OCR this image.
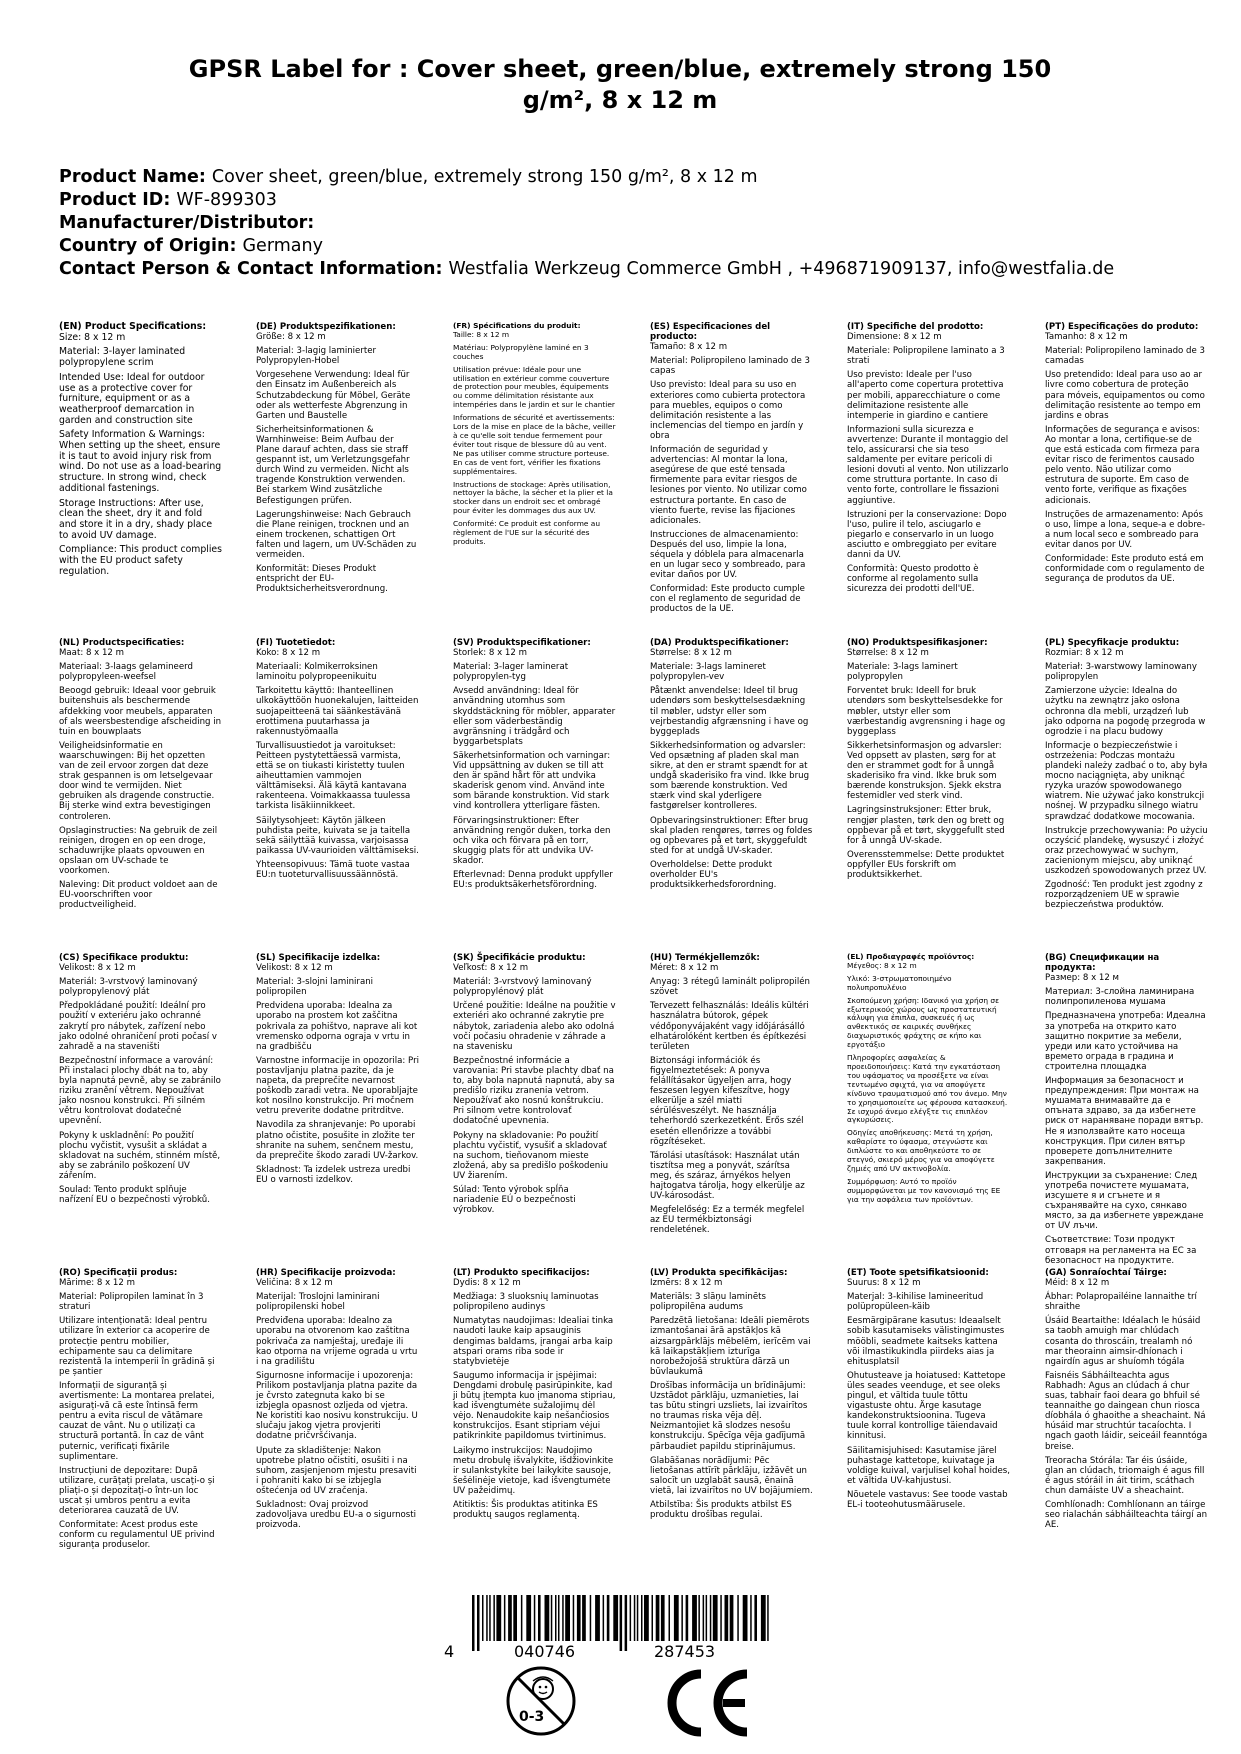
GPSR Label for : Cover sheet, green/blue, extremely strong 150 g/m², 8 x 12 m
Product Name: Cover sheet, green/blue, extremely strong 150 g/m², 8 x 12 m
Product ID: WF-899303
Manufacturer/Distributor:
Country of Origin: Germany
Contact Person & Contact Information: Westfalia Werkzeug Commerce GmbH , +496871909137, info@westfalia.de
(EN) Product Specifications:

Size: 8 x 12 m

Material: 3-layer laminated polypropylene scrim

Intended Use: Ideal for outdoor use as a protective cover for furniture, equipment or as a weatherproof demarcation in garden and construction site

Safety Information & Warnings: When setting up the sheet, ensure it is taut to avoid injury risk from wind. Do not use as a load-bearing structure. In strong wind, check additional fastenings.

Storage Instructions: After use, clean the sheet, dry it and fold and store it in a dry, shady place to avoid UV damage.

Compliance: This product complies with the EU product safety regulation.

(DE) Produktspezifikationen:

Größe: 8 x 12 m

Material: 3-lagig laminierter Polypropylen-Hobel

Vorgesehene Verwendung: Ideal für den Einsatz im Außenbereich als Schutzabdeckung für Möbel, Geräte oder als wetterfeste Abgrenzung in Garten und Baustelle

Sicherheitsinformationen & Warnhinweise: Beim Aufbau der Plane darauf achten, dass sie straff gespannt ist, um Verletzungsgefahr durch Wind zu vermeiden. Nicht als tragende Konstruktion verwenden. Bei starkem Wind zusätzliche Befestigungen prüfen.

Lagerungshinweise: Nach Gebrauch die Plane reinigen, trocknen und an einem trockenen, schattigen Ort falten und lagern, um UV-Schäden zu vermeiden.

Konformität: Dieses Produkt entspricht der EU-Produktsicherheitsverordnung.

(FR) Spécifications du produit:

Taille: 8 x 12 m

Matériau: Polypropylène laminé en 3 couches

Utilisation prévue: Idéale pour une utilisation en extérieur comme couverture de protection pour meubles, équipements ou comme délimitation résistante aux intempéries dans le jardin et sur le chantier

Informations de sécurité et avertissements: Lors de la mise en place de la bâche, veiller à ce qu'elle soit tendue fermement pour éviter tout risque de blessure dû au vent. Ne pas utiliser comme structure porteuse. En cas de vent fort, vérifier les fixations supplémentaires.

Instructions de stockage: Après utilisation, nettoyer la bâche, la sécher et la plier et la stocker dans un endroit sec et ombragé pour éviter les dommages dus aux UV.

Conformité: Ce produit est conforme au règlement de l'UE sur la sécurité des produits.

(ES) Especificaciones del producto:

Tamaño: 8 x 12 m

Material: Polipropileno laminado de 3 capas

Uso previsto: Ideal para su uso en exteriores como cubierta protectora para muebles, equipos o como delimitación resistente a las inclemencias del tiempo en jardín y obra

Información de seguridad y advertencias: Al montar la lona, asegúrese de que esté tensada firmemente para evitar riesgos de lesiones por viento. No utilizar como estructura portante. En caso de viento fuerte, revise las fijaciones adicionales.

Instrucciones de almacenamiento: Después del uso, limpie la lona, séquela y dóblela para almacenarla en un lugar seco y sombreado, para evitar daños por UV.

Conformidad: Este producto cumple con el reglamento de seguridad de productos de la UE.

(IT) Specifiche del prodotto:

Dimensione: 8 x 12 m

Materiale: Polipropilene laminato a 3 strati

Uso previsto: Ideale per l'uso all'aperto come copertura protettiva per mobili, apparecchiature o come delimitazione resistente alle intemperie in giardino e cantiere

Informazioni sulla sicurezza e avvertenze: Durante il montaggio del telo, assicurarsi che sia teso saldamente per evitare pericoli di lesioni dovuti al vento. Non utilizzarlo come struttura portante. In caso di vento forte, controllare le fissazioni aggiuntive.

Istruzioni per la conservazione: Dopo l'uso, pulire il telo, asciugarlo e piegarlo e conservarlo in un luogo asciutto e ombreggiato per evitare danni da UV.

Conformità: Questo prodotto è conforme al regolamento sulla sicurezza dei prodotti dell'UE.

(PT) Especificações do produto:

Tamanho: 8 x 12 m

Material: Polipropileno laminado de 3 camadas

Uso pretendido: Ideal para uso ao ar livre como cobertura de proteção para móveis, equipamentos ou como delimitação resistente ao tempo em jardins e obras

Informações de segurança e avisos: Ao montar a lona, certifique-se de que está esticada com firmeza para evitar risco de ferimentos causado pelo vento. Não utilizar como estrutura de suporte. Em caso de vento forte, verifique as fixações adicionais.

Instruções de armazenamento: Após o uso, limpe a lona, seque-a e dobre-a num local seco e sombreado para evitar danos por UV.

Conformidade: Este produto está em conformidade com o regulamento de segurança de produtos da UE.

(NL) Productspecificaties:

Maat: 8 x 12 m

Materiaal: 3-laags gelamineerd polypropyleen-weefsel

Beoogd gebruik: Ideaal voor gebruik buitenshuis als beschermende afdekking voor meubels, apparaten of als weersbestendige afscheiding in tuin en bouwplaats

Veiligheidsinformatie en waarschuwingen: Bij het opzetten van de zeil ervoor zorgen dat deze strak gespannen is om letselgevaar door wind te vermijden. Niet gebruiken als dragende constructie. Bij sterke wind extra bevestigingen controleren.

Opslaginstructies: Na gebruik de zeil reinigen, drogen en op een droge, schaduwrijke plaats opvouwen en opslaan om UV-schade te voorkomen.

Naleving: Dit product voldoet aan de EU-voorschriften voor productveiligheid.

(FI) Tuotetiedot:

Koko: 8 x 12 m

Materiaali: Kolmikerroksinen laminoitu polypropeenikuitu

Tarkoitettu käyttö: Ihanteellinen ulkokäyttöön huonekalujen, laitteiden suojapeitteenä tai säänkestävänä erottimena puutarhassa ja rakennustyömaalla

Turvallisuustiedot ja varoitukset: Peitteen pystytettäessä varmista, että se on tiukasti kiristetty tuulen aiheuttamien vammojen välttämiseksi. Älä käytä kantavana rakenteena. Voimakkaassa tuulessa tarkista lisäkiinnikkeet.

Säilytysohjeet: Käytön jälkeen puhdista peite, kuivata se ja taitella sekä säilyttää kuivassa, varjoisassa paikassa UV-vaurioiden välttämiseksi.

Yhteensopivuus: Tämä tuote vastaa EU:n tuoteturvallisuussäännöstä.

(SV) Produktspecifikationer:

Storlek: 8 x 12 m

Material: 3-lager laminerat polypropylen-tyg

Avsedd användning: Ideal för användning utomhus som skyddstäckning för möbler, apparater eller som väderbeständig avgränsning i trädgård och byggarbetsplats

Säkerhetsinformation och varningar: Vid uppsättning av duken se till att den är spänd hårt för att undvika skaderisk genom vind. Använd inte som bärande konstruktion. Vid stark vind kontrollera ytterligare fästen.

Förvaringsinstruktioner: Efter användning rengör duken, torka den och vika och förvara på en torr, skuggig plats för att undvika UV-skador.

Efterlevnad: Denna produkt uppfyller EU:s produktsäkerhetsförordning.

(DA) Produktspecifikationer:

Størrelse: 8 x 12 m

Materiale: 3-lags lamineret polypropylen-vev

Påtænkt anvendelse: Ideel til brug udendørs som beskyttelsesdækning til møbler, udstyr eller som vejrbestandig afgrænsning i have og byggeplads

Sikkerhedsinformation og advarsler: Ved opsætning af pladen skal man sikre, at den er stramt spændt for at undgå skaderisiko fra vind. Ikke brug som bærende konstruktion. Ved stærk vind skal yderligere fastgørelser kontrolleres.

Opbevaringsinstruktioner: Efter brug skal pladen rengøres, tørres og foldes og opbevares på et tørt, skyggefuldt sted for at undgå UV-skader.

Overholdelse: Dette produkt overholder EU's produktsikkerhedsforordning.

(NO) Produktspesifikasjoner:

Størrelse: 8 x 12 m

Materiale: 3-lags laminert polypropylen

Forventet bruk: Ideell for bruk utendørs som beskyttelsesdekke for møbler, utstyr eller som værbestandig avgrensning i hage og byggeplass

Sikkerhetsinformasjon og advarsler: Ved oppsett av plasten, sørg for at den er strammet godt for å unngå skaderisiko fra vind. Ikke bruk som bærende konstruksjon. Sjekk ekstra festemidler ved sterk vind.

Lagringsinstruksjoner: Etter bruk, rengjør plasten, tørk den og brett og oppbevar på et tørt, skyggefullt sted for å unngå UV-skade.

Overensstemmelse: Dette produktet oppfyller EUs forskrift om produktsikkerhet.

(PL) Specyfikacje produktu:

Rozmiar: 8 x 12 m

Materiał: 3-warstwowy laminowany polipropylen

Zamierzone użycie: Idealna do użytku na zewnątrz jako osłona ochronna dla mebli, urządzeń lub jako odporna na pogodę przegroda w ogrodzie i na placu budowy

Informacje o bezpieczeństwie i ostrzeżenia: Podczas montażu plandeki należy zadbać o to, aby była mocno naciągnięta, aby uniknąć ryzyka urazów spowodowanego wiatrem. Nie używać jako konstrukcji nośnej. W przypadku silnego wiatru sprawdzać dodatkowe mocowania.

Instrukcje przechowywania: Po użyciu oczyścić plandekę, wysuszyć i złożyć oraz przechowywać w suchym, zacienionym miejscu, aby uniknąć uszkodzeń spowodowanych przez UV.

Zgodność: Ten produkt jest zgodny z rozporządzeniem UE w sprawie bezpieczeństwa produktów.

(CS) Specifikace produktu:

Velikost: 8 x 12 m

Materiál: 3-vrstvový laminovaný polypropylenový plát

Předpokládané použití: Ideální pro použití v exteriéru jako ochranné zakrytí pro nábytek, zařízení nebo jako odolné ohraničení proti počasí v zahradě a na staveništi

Bezpečnostní informace a varování: Při instalaci plochy dbát na to, aby byla napnutá pevně, aby se zabránilo riziku zranění větrem. Nepoužívat jako nosnou konstrukci. Při silném větru kontrolovat dodatečné upevnění.

Pokyny k uskladnění: Po použití plochu vyčistit, vysušit a skládat a skladovat na suchém, stinném místě, aby se zabránilo poškození UV zářením.

Soulad: Tento produkt splňuje nařízení EU o bezpečnosti výrobků.

(SL) Specifikacije izdelka:

Velikost: 8 x 12 m

Material: 3-slojni laminirani polipropilen

Predvidena uporaba: Idealna za uporabo na prostem kot zaščitna pokrivala za pohištvo, naprave ali kot vremensko odporna ograja v vrtu in na gradbišču

Varnostne informacije in opozorila: Pri postavljanju platna pazite, da je napeta, da preprečite nevarnost poškodb zaradi vetra. Ne uporabljajte kot nosilno konstrukcijo. Pri močnem vetru preverite dodatne pritrditve.

Navodila za shranjevanje: Po uporabi platno očistite, posušite in zložite ter shranite na suhem, senčnem mestu, da preprečite škodo zaradi UV-žarkov.

Skladnost: Ta izdelek ustreza uredbi EU o varnosti izdelkov.

(SK) Špecifikácie produktu:

Veľkosť: 8 x 12 m

Materiál: 3-vrstvový laminovaný polypropylénový plát

Určené použitie: Ideálne na použitie v exteriéri ako ochranné zakrytie pre nábytok, zariadenia alebo ako odolná voči počasiu ohradenie v záhrade a na stavenisku

Bezpečnostné informácie a varovania: Pri stavbe plachty dbať na to, aby bola napnutá napnutá, aby sa predišlo riziku zranenia vetrom. Nepoužívať ako nosnú konštrukciu. Pri silnom vetre kontrolovať dodatočné upevnenia.

Pokyny na skladovanie: Po použití plachtu vyčistiť, vysušiť a skladovať na suchom, tieňovanom mieste zložená, aby sa predišlo poškodeniu UV žiarením.

Súlad: Tento výrobok spĺňa nariadenie EÚ o bezpečnosti výrobkov.

(HU) Termékjellemzők:

Méret: 8 x 12 m

Anyag: 3 rétegű laminált polipropilén szövet

Tervezett felhasználás: Ideális kültéri használatra bútorok, gépek védőponyvájaként vagy időjárásálló elhatárolóként kertben és építkezési területen

Biztonsági információk és figyelmeztetések: A ponyva felállításakor ügyeljen arra, hogy feszesen legyen kifeszítve, hogy elkerülje a szél miatti sérülésveszélyt. Ne használja teherhordó szerkezetként. Erős szél esetén ellenőrizze a további rögzítéseket.

Tárolási utasítások: Használat után tisztítsa meg a ponyvát, szárítsa meg, és száraz, árnyékos helyen hajtogatva tárolja, hogy elkerülje az UV-károsodást.

Megfelelőség: Ez a termék megfelel az EU termékbiztonsági rendeletének.

(EL) Προδιαγραφές προϊόντος:

Μέγεθος: 8 x 12 m

Υλικό: 3-στρωματοποιημένο πολυπροπυλένιο

Σκοπούμενη χρήση: Ιδανικό για χρήση σε εξωτερικούς χώρους ως προστατευτική κάλυψη για έπιπλα, συσκευές ή ως ανθεκτικός σε καιρικές συνθήκες διαχωριστικός φράχτης σε κήπο και εργοτάξιο

Πληροφορίες ασφαλείας & προειδοποιήσεις: Κατά την εγκατάσταση του υφάσματος να προσέξετε να είναι τεντωμένο σφιχτά, για να αποφύγετε κίνδυνο τραυματισμού από τον άνεμο. Μην το χρησιμοποιείτε ως φέρουσα κατασκευή. Σε ισχυρό άνεμο ελέγξτε τις επιπλέον αγκυρώσεις.

Οδηγίες αποθήκευσης: Μετά τη χρήση, καθαρίστε το ύφασμα, στεγνώστε και διπλώστε το και αποθηκεύστε το σε στεγνό, σκιερό μέρος για να αποφύγετε ζημιές από UV ακτινοβολία.

Συμμόρφωση: Αυτό το προϊόν συμμορφώνεται με τον κανονισμό της ΕΕ για την ασφάλεια των προϊόντων.

(BG) Спецификации на продукта:

Размер: 8 x 12 м

Материал: 3-слойна ламинирана полипропиленова мушама

Предназначена употреба: Идеална за употреба на открито като защитно покритие за мебели, уреди или като устойчива на времето ограда в градина и строителна площадка

Информация за безопасност и предупреждения: При монтаж на мушамата внимавайте да е опъната здраво, за да избегнете риск от нараняване поради вятър. Не я използвайте като носеща конструкция. При силен вятър проверете допълнителните закрепвания.

Инструкции за съхранение: След употреба почистете мушамата, изсушете я и сгънете и я съхранявайте на сухо, сянкаво място, за да избегнете увреждане от UV лъчи.

Съответствие: Този продукт отговаря на регламента на ЕС за безопасност на продуктите.

(RO) Specificații produs:

Mărime: 8 x 12 m

Material: Polipropilen laminat în 3 straturi

Utilizare intenționată: Ideal pentru utilizare în exterior ca acoperire de protecție pentru mobilier, echipamente sau ca delimitare rezistentă la intemperii în grădină și pe șantier

Informații de siguranță și avertismente: La montarea prelatei, asigurați-vă că este întinsă ferm pentru a evita riscul de vătămare cauzat de vânt. Nu o utilizați ca structură portantă. În caz de vânt puternic, verificați fixările suplimentare.

Instrucțiuni de depozitare: După utilizare, curățați prelata, uscați-o și pliați-o și depozitați-o într-un loc uscat și umbros pentru a evita deteriorarea cauzată de UV.

Conformitate: Acest produs este conform cu regulamentul UE privind siguranța produselor.

(HR) Specifikacije proizvoda:

Veličina: 8 x 12 m

Materijal: Troslojni laminirani polipropilenski hobel

Predviđena uporaba: Idealno za uporabu na otvorenom kao zaštitna pokrivača za namještaj, uređaje ili kao otporna na vrijeme ograda u vrtu i na gradilištu

Sigurnosne informacije i upozorenja: Prilikom postavljanja platna pazite da je čvrsto zategnuta kako bi se izbjegla opasnost ozljeda od vjetra. Ne koristiti kao nosivu konstrukciju. U slučaju jakog vjetra provjeriti dodatne pričvršćivanja.

Upute za skladištenje: Nakon upotrebe platno očistiti, osušiti i na suhom, zasjenjenom mjestu presaviti i pohraniti kako bi se izbjegla oštećenja od UV zračenja.

Sukladnost: Ovaj proizvod zadovoljava uredbu EU-a o sigurnosti proizvoda.

(LT) Produkto specifikacijos:

Dydis: 8 x 12 m

Medžiaga: 3 sluoksnių laminuotas polipropileno audinys

Numatytas naudojimas: Idealiai tinka naudoti lauke kaip apsauginis dengimas baldams, įrangai arba kaip atspari orams riba sode ir statybvietėje

Saugumo informacija ir įspėjimai: Dengdami drobulę pasirūpinkite, kad ji būtų įtempta kuo įmanoma stipriau, kad išvengtumėte sužalojimų dėl vėjo. Nenaudokite kaip nešančiosios konstrukcijos. Esant stipriam vėjui patikrinkite papildomus tvirtinimus.

Laikymo instrukcijos: Naudojimo metu drobulę išvalykite, išdžiovinkite ir sulankstykite bei laikykite sausoje, šešėlinėje vietoje, kad išvengtumėte UV pažeidimų.

Atitiktis: Šis produktas atitinka ES produktų saugos reglamentą.

(LV) Produkta specifikācijas:

Izmērs: 8 x 12 m

Materiāls: 3 slāņu laminēts polipropilēna audums

Paredzētā lietošana: Ideāli piemērots izmantošanai ārā apstākļos kā aizsargpārklājs mēbelēm, ierīcēm vai kā laikapstākļiem izturīga norobežojošā struktūra dārzā un būvlaukumā

Drošības informācija un brīdinājumi: Uzstādot pārklāju, uzmanieties, lai tas būtu stingri uzsliets, lai izvairītos no traumas riska vēja dēļ. Neizmantojiet kā slodzes nesošu konstrukciju. Spēcīga vēja gadījumā pārbaudiet papildu stiprinājumus.

Glabāšanas norādījumi: Pēc lietošanas attīrīt pārklāju, izžāvēt un salocīt un uzglabāt sausā, ēnainā vietā, lai izvairītos no UV bojājumiem.

Atbilstība: Šis produkts atbilst ES produktu drošības regulai.

(ET) Toote spetsifikatsioonid:

Suurus: 8 x 12 m

Materjal: 3-kihilise lamineeritud polüpropüleen-käib

Eesmärgipärane kasutus: Ideaalselt sobib kasutamiseks välistingimustes mööbli, seadmete kaitseks kattena või ilmastikukindla piirdeks aias ja ehitusplatsil

Ohutusteave ja hoiatused: Kattetope üles seades veenduge, et see oleks pingul, et vältida tuule tõttu vigastuste ohtu. Ärge kasutage kandekonstruktsioonina. Tugeva tuule korral kontrollige täiendavaid kinnitusi.

Säilitamisjuhised: Kasutamise järel puhastage kattetope, kuivatage ja voldige kuival, varjulisel kohal hoides, et vältida UV-kahjustusi.

Nõuetele vastavus: See toode vastab EL-i tooteohutusmäärusele.

(GA) Sonraíochtaí Táirge:

Méid: 8 x 12 m

Ábhar: Polapropailéine lannaithe trí shraithe

Úsáid Beartaithe: Idéalach le húsáid sa taobh amuigh mar chlúdach cosanta do throscáin, trealamh nó mar theorainn aimsir-dhíonach i ngairdín agus ar shuíomh tógála

Faisnéis Sábháilteachta agus Rabhadh: Agus an clúdach á chur suas, tabhair faoi deara go bhfuil sé teannaithe go daingean chun riosca díobhála ó ghaoithe a sheachaint. Ná húsáid mar struchtúr tacaíochta. I ngach gaoth láidir, seiceáil feanntóga breise.

Treoracha Stórála: Tar éis úsáide, glan an clúdach, triomaigh é agus fill é agus stóráil in áit tirim, scáthach chun damáiste UV a sheachaint.

Comhlíonadh: Comhlíonann an táirge seo rialachán sábháilteachta táirgí an AE.

4	040746	287453
0-3
